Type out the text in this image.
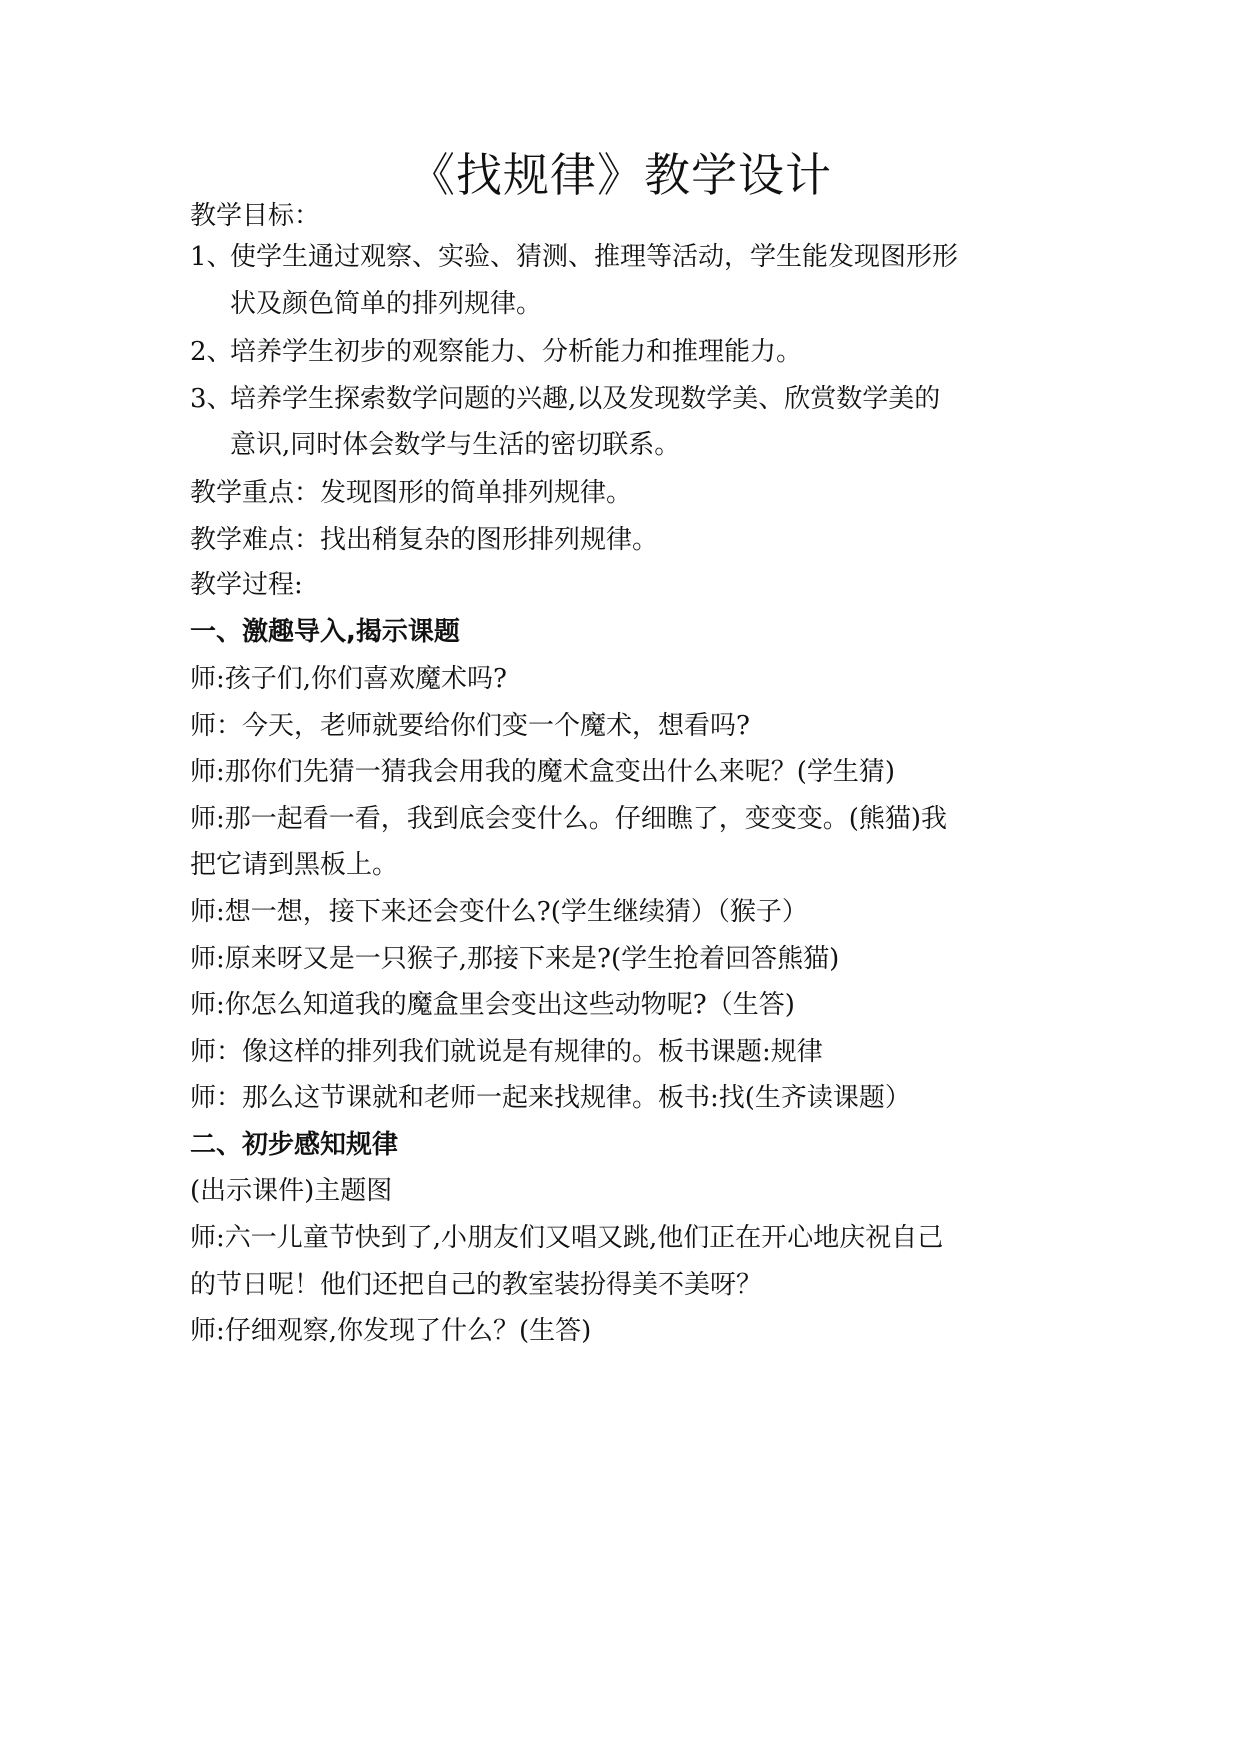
《找规律》教学设计
教学目标：
1、使学生通过观察、实验、猜测、推理等活动，学生能发现图形形
状及颜色简单的排列规律。
2、培养学生初步的观察能力、分析能力和推理能力。
3、培养学生探索数学问题的兴趣,以及发现数学美、欣赏数学美的
意识,同时体会数学与生活的密切联系。
教学重点：发现图形的简单排列规律。
教学难点：找出稍复杂的图形排列规律。
教学过程:
一、激趣导入,揭示课题
师:孩子们,你们喜欢魔术吗?
师：今天，老师就要给你们变一个魔术，想看吗?
师:那你们先猜一猜我会用我的魔术盒变出什么来呢？(学生猜)
师:那一起看一看，我到底会变什么。仔细瞧了，变变变。(熊猫)我
把它请到黑板上。
师:想一想，接下来还会变什么?(学生继续猜）（猴子）
师:原来呀又是一只猴子,那接下来是?(学生抢着回答熊猫)
师:你怎么知道我的魔盒里会变出这些动物呢?（生答)
师：像这样的排列我们就说是有规律的。板书课题:规律
师：那么这节课就和老师一起来找规律。板书:找(生齐读课题）
二、初步感知规律
(出示课件)主题图
师:六一儿童节快到了,小朋友们又唱又跳,他们正在开心地庆祝自己
的节日呢！他们还把自己的教室装扮得美不美呀？
师:仔细观察,你发现了什么？(生答)
